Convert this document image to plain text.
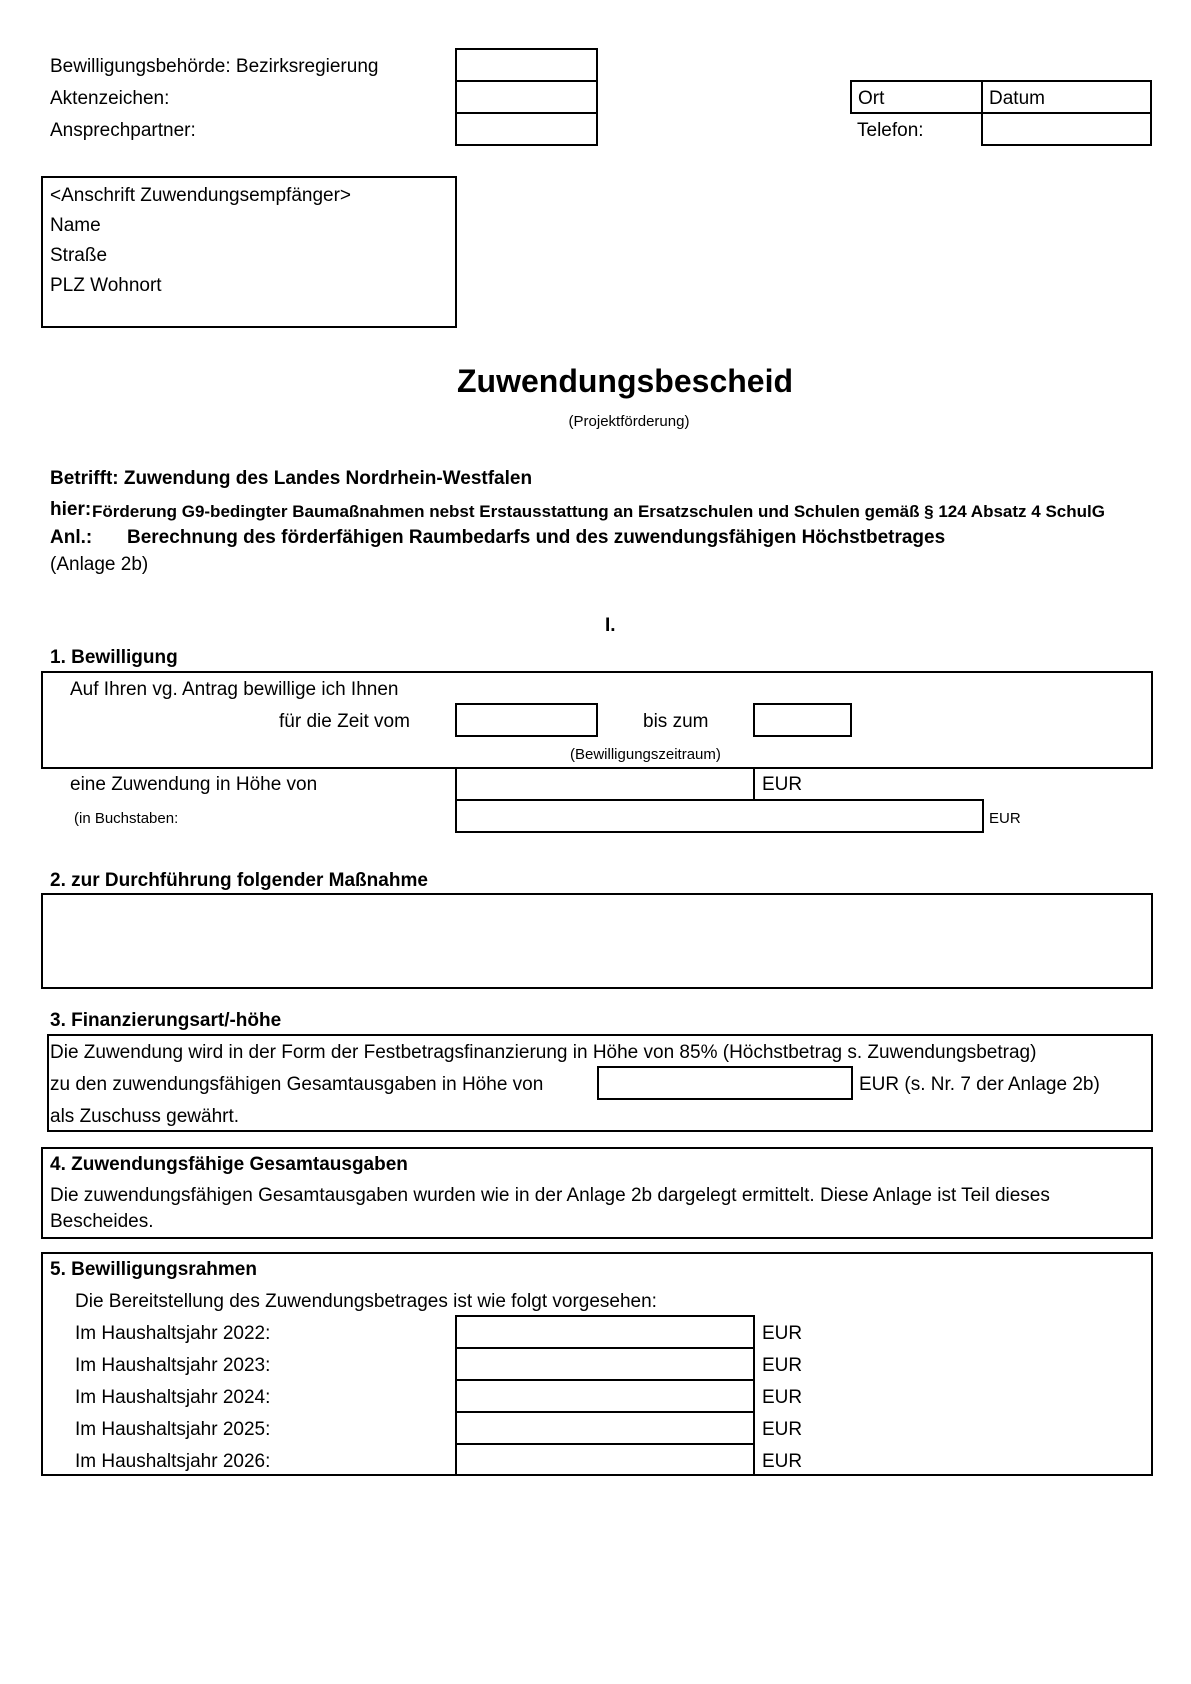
Bewilligungsbehörde: Bezirksregierung
Aktenzeichen:
Ansprechpartner:
Ort	Datum
Telefon:
<Anschrift Zuwendungsempfänger>
Name
Straße
PLZ Wohnort
Zuwendungsbescheid
(Projektförderung)
Betrifft: Zuwendung des Landes Nordrhein-Westfalen
hier: Förderung G9-bedingter Baumaßnahmen nebst Erstausstattung an Ersatzschulen und Schulen gemäß § 124 Absatz 4 SchulG
Anl.: Berechnung des förderfähigen Raumbedarfs und des zuwendungsfähigen Höchstbetrages
(Anlage 2b)
I.
1. Bewilligung
Auf Ihren vg. Antrag bewillige ich Ihnen
für die Zeit vom	bis zum
(Bewilligungszeitraum)
eine Zuwendung in Höhe von	EUR
(in Buchstaben:	EUR
2. zur Durchführung folgender Maßnahme
3. Finanzierungsart/-höhe
Die Zuwendung wird in der Form der Festbetragsfinanzierung in Höhe von 85% (Höchstbetrag s. Zuwendungsbetrag)
zu den zuwendungsfähigen Gesamtausgaben in Höhe von	EUR (s. Nr. 7 der Anlage 2b)
als Zuschuss gewährt.
4. Zuwendungsfähige Gesamtausgaben
Die zuwendungsfähigen Gesamtausgaben wurden wie in der Anlage 2b dargelegt ermittelt. Diese Anlage ist Teil dieses
Bescheides.
5. Bewilligungsrahmen
Die Bereitstellung des Zuwendungsbetrages ist wie folgt vorgesehen:
Im Haushaltsjahr 2022:	EUR
Im Haushaltsjahr 2023:	EUR
Im Haushaltsjahr 2024:	EUR
Im Haushaltsjahr 2025:	EUR
Im Haushaltsjahr 2026:	EUR
